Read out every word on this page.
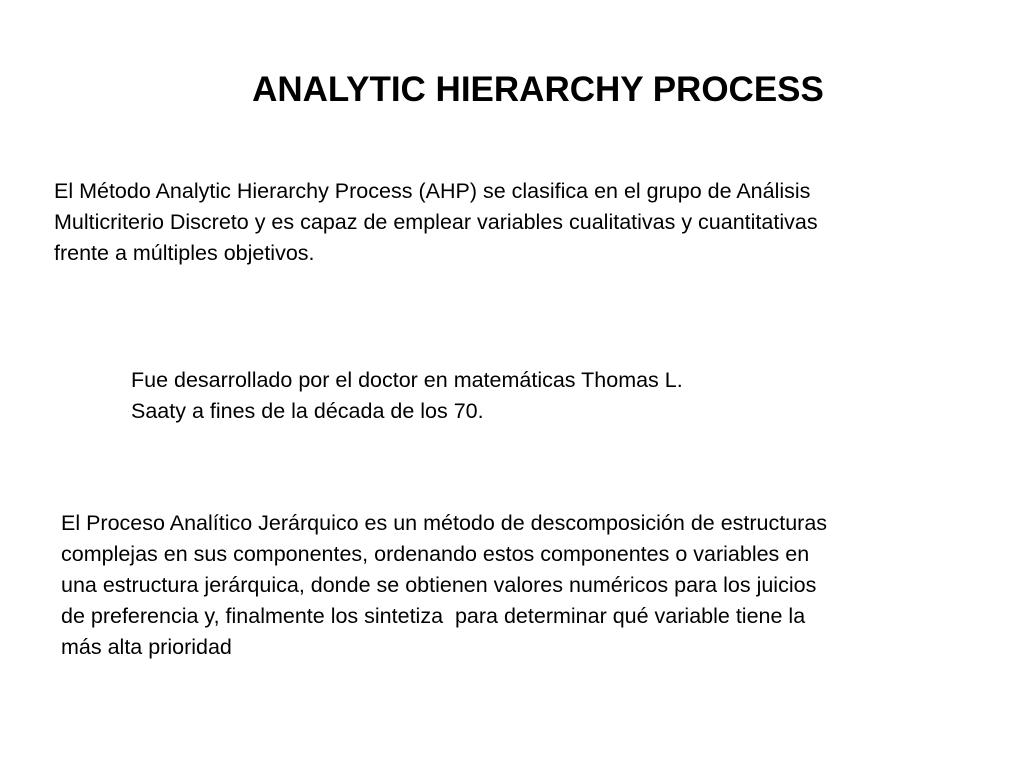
ANALYTIC HIERARCHY PROCESS

El Método Analytic Hierarchy Process (AHP) se clasifica en el grupo de Análisis
Multicriterio Discreto y es capaz de emplear variables cualitativas y cuantitativas
frente a múltiples objetivos.

Fue desarrollado por el doctor en matemáticas Thomas L.
Saaty a fines de la década de los 70.

El Proceso Analítico Jerárquico es un método de descomposición de estructuras
complejas en sus componentes, ordenando estos componentes o variables en
una estructura jerárquica, donde se obtienen valores numéricos para los juicios
de preferencia y, finalmente los sintetiza  para determinar qué variable tiene la
más alta prioridad
